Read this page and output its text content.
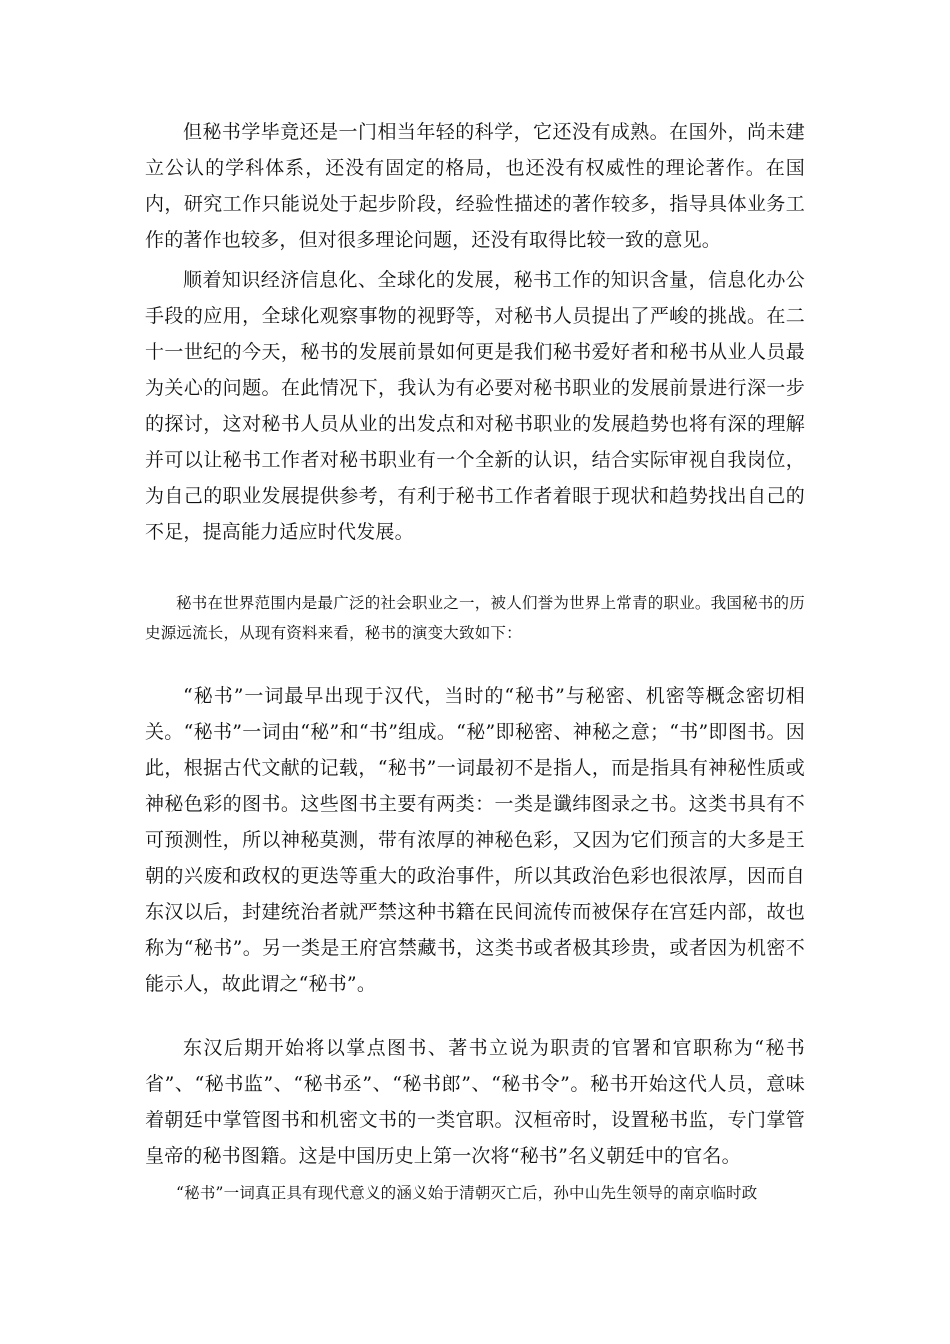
但秘书学毕竟还是一门相当年轻的科学，它还没有成熟。在国外，尚未建立公认的学科体系，还没有固定的格局，也还没有权威性的理论著作。在国内，研究工作只能说处于起步阶段，经验性描述的著作较多，指导具体业务工作的著作也较多，但对很多理论问题，还没有取得比较一致的意见。

顺着知识经济信息化、全球化的发展，秘书工作的知识含量，信息化办公手段的应用，全球化观察事物的视野等，对秘书人员提出了严峻的挑战。在二十一世纪的今天，秘书的发展前景如何更是我们秘书爱好者和秘书从业人员最为关心的问题。在此情况下，我认为有必要对秘书职业的发展前景进行深一步的探讨，这对秘书人员从业的出发点和对秘书职业的发展趋势也将有深的理解并可以让秘书工作者对秘书职业有一个全新的认识，结合实际审视自我岗位，为自己的职业发展提供参考，有利于秘书工作者着眼于现状和趋势找出自己的不足，提高能力适应时代发展。

秘书在世界范围内是最广泛的社会职业之一，被人们誉为世界上常青的职业。我国秘书的历史源远流长，从现有资料来看，秘书的演变大致如下：

“秘书”一词最早出现于汉代，当时的“秘书”与秘密、机密等概念密切相关。“秘书”一词由“秘”和“书”组成。“秘”即秘密、神秘之意；“书”即图书。因此，根据古代文献的记载，“秘书”一词最初不是指人，而是指具有神秘性质或神秘色彩的图书。这些图书主要有两类：一类是谶纬图录之书。这类书具有不可预测性，所以神秘莫测，带有浓厚的神秘色彩，又因为它们预言的大多是王朝的兴废和政权的更迭等重大的政治事件，所以其政治色彩也很浓厚，因而自东汉以后，封建统治者就严禁这种书籍在民间流传而被保存在宫廷内部，故也称为“秘书”。另一类是王府宫禁藏书，这类书或者极其珍贵，或者因为机密不能示人，故此谓之“秘书”。

东汉后期开始将以掌点图书、著书立说为职责的官署和官职称为“秘书省”、“秘书监”、“秘书丞”、“秘书郎”、“秘书令”。秘书开始这代人员，意味着朝廷中掌管图书和机密文书的一类官职。汉桓帝时，设置秘书监，专门掌管皇帝的秘书图籍。这是中国历史上第一次将“秘书”名义朝廷中的官名。

“秘书”一词真正具有现代意义的涵义始于清朝灭亡后，孙中山先生领导的南京临时政
